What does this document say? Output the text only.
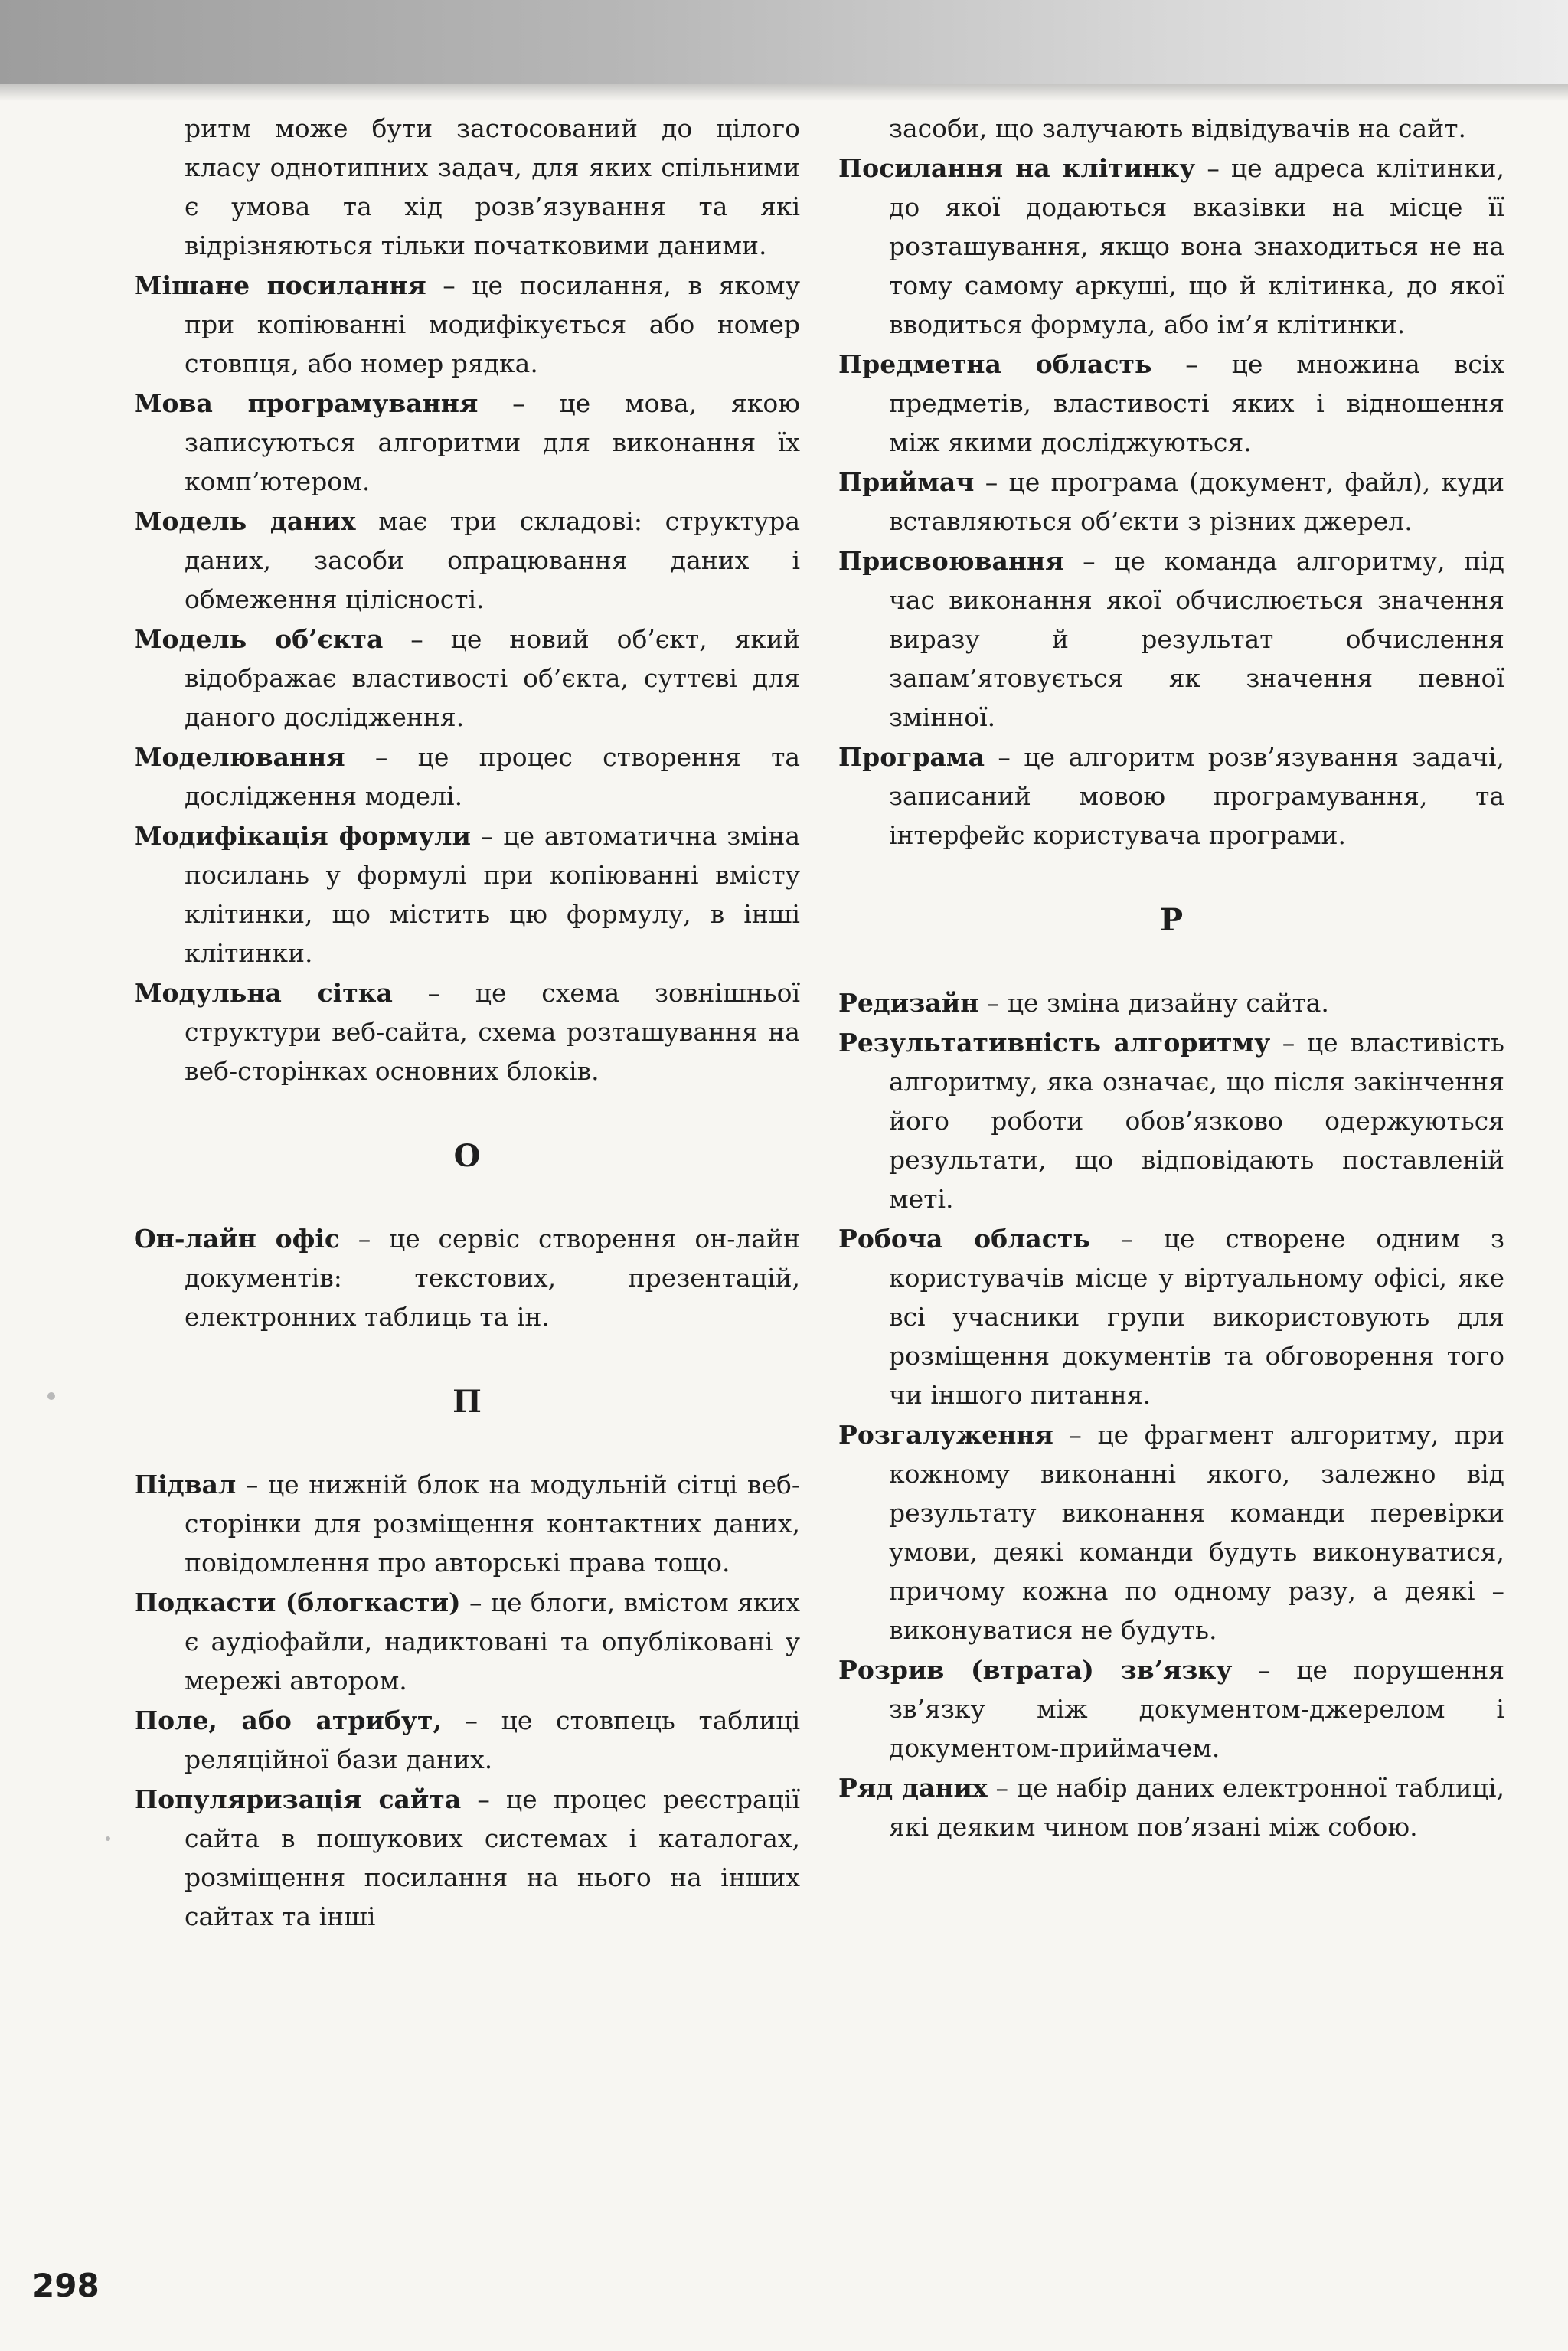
ритм може бути застосований до цілого класу однотипних задач, для яких спільними є умова та хід розв’язування та які відрізняються тільки початковими даними.

Мішане посилання – це посилання, в якому при копіюванні модифікується або номер стовпця, або номер рядка.

Мова програмування – це мова, якою записуються алгоритми для виконання їх комп’ютером.

Модель даних має три складові: структура даних, засоби опрацювання даних і обмеження цілісності.

Модель об’єкта – це новий об’єкт, який відображає властивості об’єкта, суттєві для даного дослідження.

Моделювання – це процес створення та дослідження моделі.

Модифікація формули – це автоматична зміна посилань у формулі при копіюванні вмісту клітинки, що містить цю формулу, в інші клітинки.

Модульна сітка – це схема зовнішньої структури веб-сайта, схема розташування на веб-сторінках основних блоків.

О

Он-лайн офіс – це сервіс створення он-лайн документів: текстових, презентацій, електронних таблиць та ін.

П

Підвал – це нижній блок на модульній сітці веб-сторінки для розміщення контактних даних, повідомлення про авторські права тощо.

Подкасти (блогкасти) – це блоги, вмістом яких є аудіофайли, надиктовані та опубліковані у мережі автором.

Поле, або атрибут, – це стовпець таблиці реляційної бази даних.

Популяризація сайта – це процес реєстрації сайта в пошукових системах і каталогах, розміщення посилання на нього на інших сайтах та інші

засоби, що залучають відвідувачів на сайт.

Посилання на клітинку – це адреса клітинки, до якої додаються вказівки на місце її розташування, якщо вона знаходиться не на тому самому аркуші, що й клітинка, до якої вводиться формула, або ім’я клітинки.

Предметна область – це множина всіх предметів, властивості яких і відношення між якими досліджуються.

Приймач – це програма (документ, файл), куди вставляються об’єкти з різних джерел.

Присвоювання – це команда алгоритму, під час виконання якої обчислюється значення виразу й результат обчислення запам’ятовується як значення певної змінної.

Програма – це алгоритм розв’язування задачі, записаний мовою програмування, та інтерфейс користувача програми.

Р

Редизайн – це зміна дизайну сайта.

Результативність алгоритму – це властивість алгоритму, яка означає, що після закінчення його роботи обов’язково одержуються результати, що відповідають поставленій меті.

Робоча область – це створене одним з користувачів місце у віртуальному офісі, яке всі учасники групи використовують для розміщення документів та обговорення того чи іншого питання.

Розгалуження – це фрагмент алгоритму, при кожному виконанні якого, залежно від результату виконання команди перевірки умови, деякі команди будуть виконуватися, причому кожна по одному разу, а деякі – виконуватися не будуть.

Розрив (втрата) зв’язку – це порушення зв’язку між документом-джерелом і документом-приймачем.

Ряд даних – це набір даних електронної таблиці, які деяким чином пов’язані між собою.

298
